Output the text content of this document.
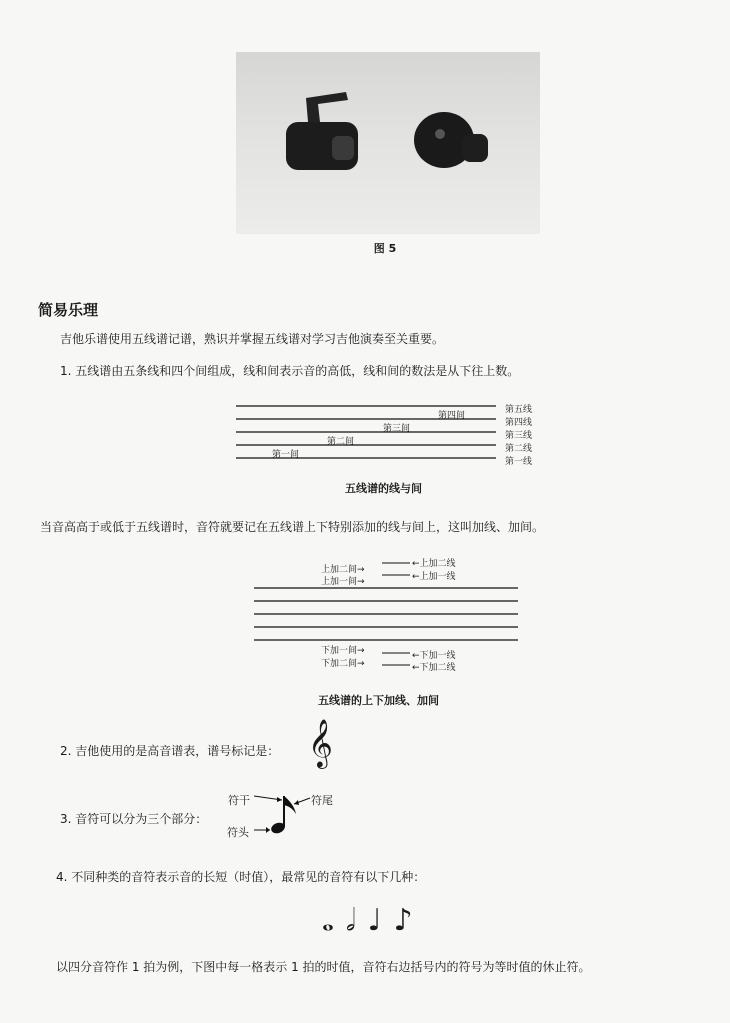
图 5
简易乐理
吉他乐谱使用五线谱记谱，熟识并掌握五线谱对学习吉他演奏至关重要。
1. 五线谱由五条线和四个间组成，线和间表示音的高低，线和间的数法是从下往上数。
第五线
第四线
第三线
第二线
第一线
第四间
第三间
第二间
第一间
五线谱的线与间
当音高高于或低于五线谱时，音符就要记在五线谱上下特别添加的线与间上，这叫加线、加间。
上加二间→
上加一间→
←上加二线
←上加一线
下加一间→
下加二间→
←下加一线
←下加二线
五线谱的上下加线、加间
2. 吉他使用的是高音谱表，谱号标记是： 𝄞
3. 音符可以分为三个部分：
符干	符尾
符头
4. 不同种类的音符表示音的长短（时值），最常见的音符有以下几种：
𝅝 𝅗𝅥 ♩ ♪
以四分音符作 1 拍为例，下图中每一格表示 1 拍的时值，音符右边括号内的符号为等时值的休止符。
